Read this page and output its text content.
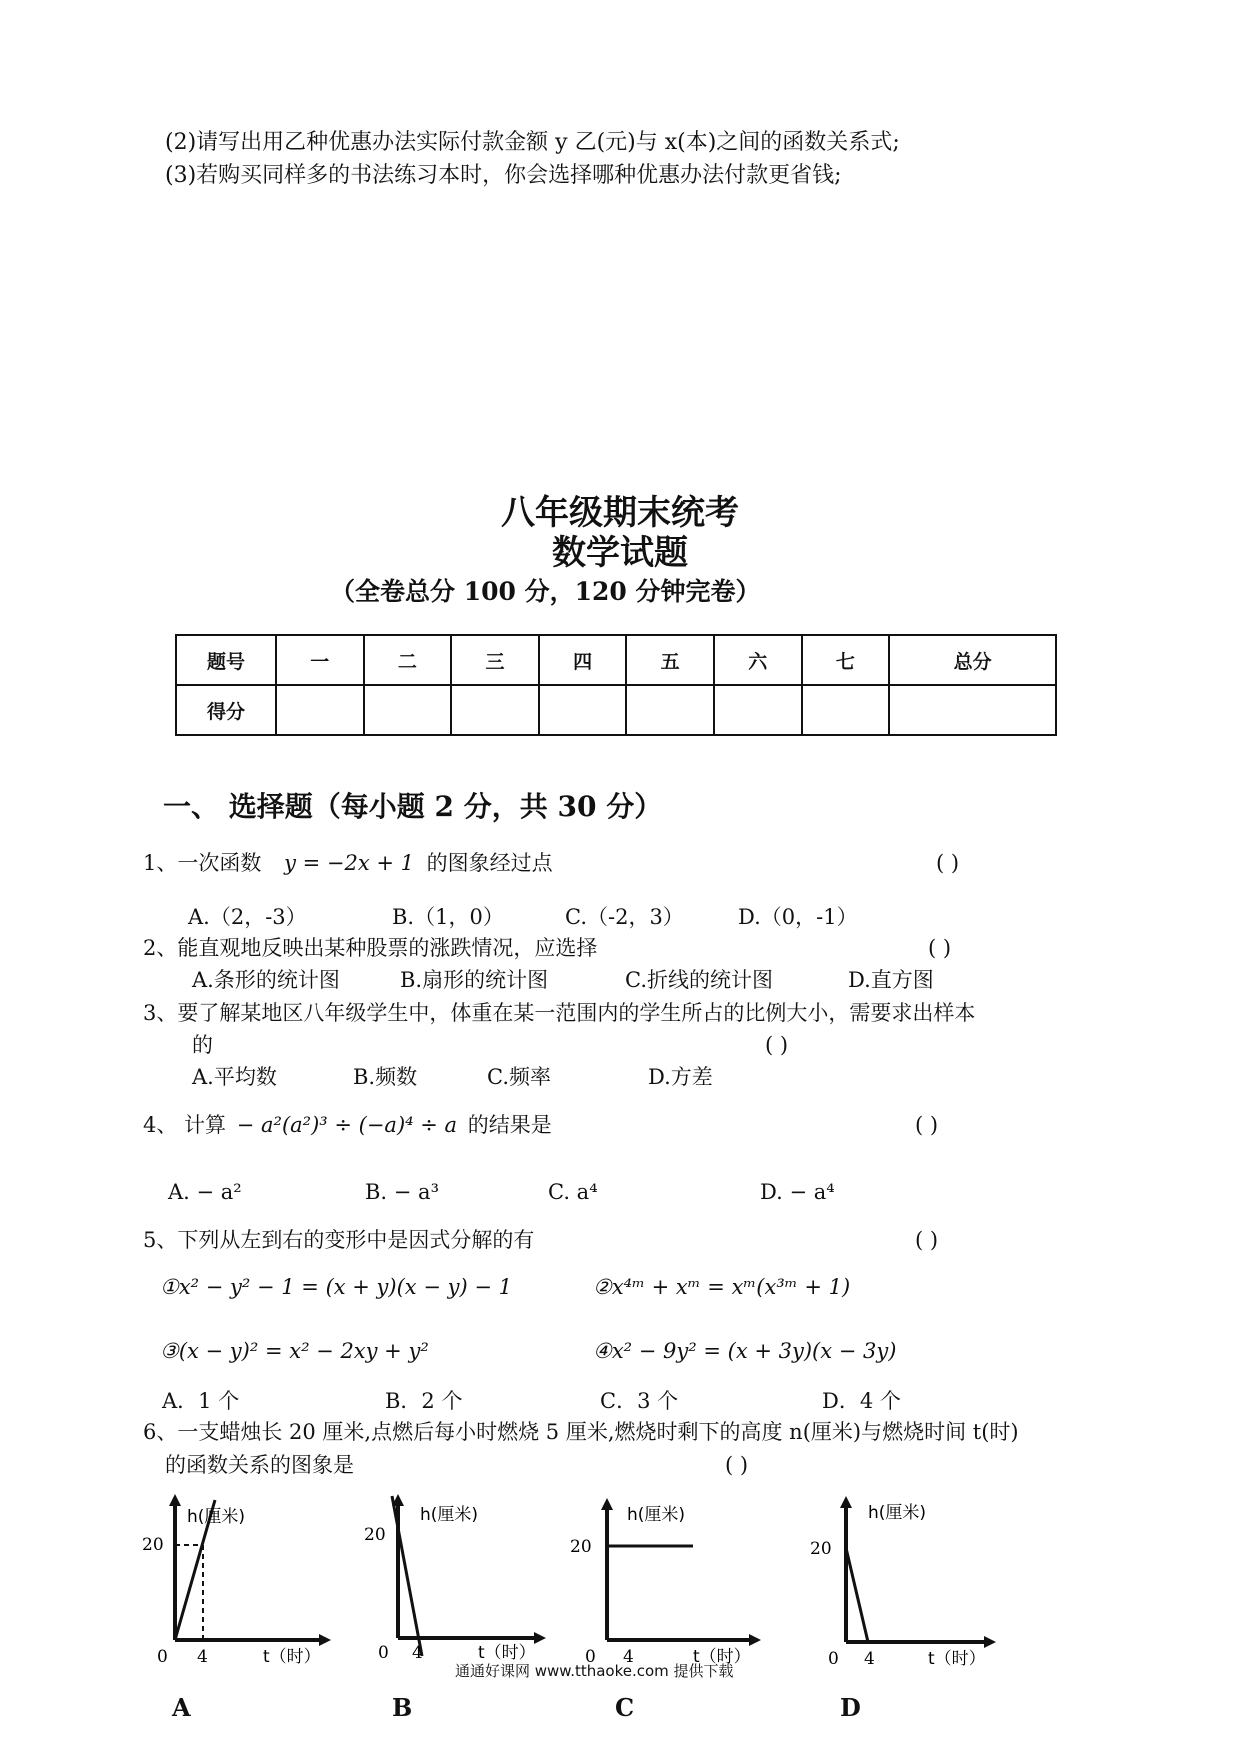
(2)请写出用乙种优惠办法实际付款金额 y 乙(元)与 x(本)之间的函数关系式;
(3)若购买同样多的书法练习本时，你会选择哪种优惠办法付款更省钱;
八年级期末统考
数学试题
（全卷总分 100 分，120 分钟完卷）
题号	一	二	三	四	五	六	七	总分
得分								
一、 选择题（每小题 2 分，共 30 分）
1、一次函数 y = −2x + 1 的图象经过点	( )
A.（2，-3）	B.（1，0）	C.（-2，3）	D.（0，-1）
2、能直观地反映出某种股票的涨跌情况，应选择	( )
A.条形的统计图	B.扇形的统计图	C.折线的统计图	D.直方图
3、要了解某地区八年级学生中，体重在某一范围内的学生所占的比例大小，需要求出样本
的	( )
A.平均数	B.频数	C.频率	D.方差
4、 计算 − a²(a²)³ ÷ (−a)⁴ ÷ a 的结果是	( )
A. − a²	B. − a³	C. a⁴	D. − a⁴
5、下列从左到右的变形中是因式分解的有	( )
①x² − y² − 1 = (x + y)(x − y) − 1	②x⁴ᵐ + xᵐ = xᵐ(x³ᵐ + 1)
③(x − y)² = x² − 2xy + y²	④x² − 9y² = (x + 3y)(x − 3y)
A．1 个	B．2 个	C．3 个	D．4 个
6、一支蜡烛长 20 厘米,点燃后每小时燃烧 5 厘米,燃烧时剩下的高度 n(厘米)与燃烧时间 t(时)
的函数关系的图象是	( )
h(厘米)
20
0 4	t（时）
A
h(厘米)
20
0 4	t（时）
B
h(厘米)
20
0 4	t（时）
C
h(厘米)
20
0 4	t（时）
D
通通好课网 www.tthaoke.com 提供下载
